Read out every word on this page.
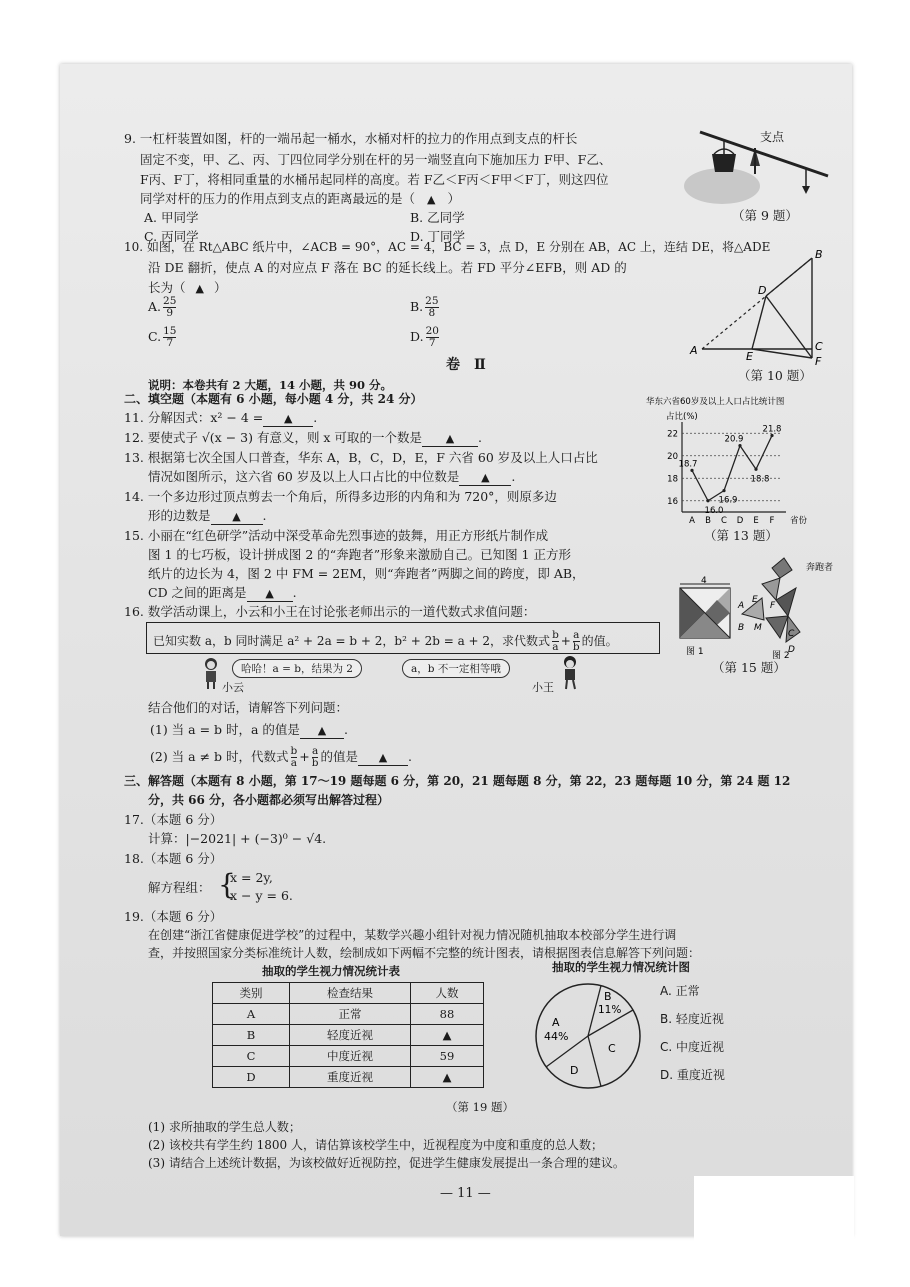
9. 一杠杆装置如图，杆的一端吊起一桶水，水桶对杆的拉力的作用点到支点的杆长
固定不变，甲、乙、丙、丁四位同学分别在杆的另一端竖直向下施加压力 F甲、F乙、
F丙、F丁，将相同重量的水桶吊起同样的高度。若 F乙＜F丙＜F甲＜F丁，则这四位
同学对杆的压力的作用点到支点的距离最远的是（ ▲ ）
A. 甲同学	B. 乙同学
C. 丙同学	D. 丁同学
支点
（第 9 题）
10. 如图，在 Rt△ABC 纸片中，∠ACB = 90°，AC = 4，BC = 3，点 D，E 分别在 AB，AC 上，连结 DE，将△ADE
沿 DE 翻折，使点 A 的对应点 F 落在 BC 的延长线上。若 FD 平分∠EFB，则 AD 的
长为（ ▲ ）
A. $\frac{25}{9}$	B. $\frac{25}{8}$
C. $\frac{15}{7}$	D. $\frac{20}{7}$
B
D
C
F
A	E
（第 10 题）
卷　Ⅱ
说明：本卷共有 2 大题，14 小题，共 90 分。
二、填空题（本题有 6 小题，每小题 4 分，共 24 分）
11. 分解因式：x² − 4 = ▲ .
12. 要使式子 √(x − 3) 有意义，则 x 可取的一个数是 ▲ .
13. 根据第七次全国人口普查，华东 A，B，C，D，E，F 六省 60 岁及以上人口占比
情况如图所示，这六省 60 岁及以上人口占比的中位数是 ▲ .
14. 一个多边形过顶点剪去一个角后，所得多边形的内角和为 720°，则原多边
形的边数是 ▲ .
15. 小丽在“红色研学”活动中深受革命先烈事迹的鼓舞，用正方形纸片制作成
图 1 的七巧板，设计拼成图 2 的“奔跑者”形象来激励自己。已知图 1 正方形
纸片的边长为 4，图 2 中 FM = 2EM，则“奔跑者”两脚之间的跨度，即 AB，
CD 之间的距离是 ▲ .
16. 数学活动课上，小云和小王在讨论张老师出示的一道代数式求值问题：
已知实数 a，b 同时满足 a² + 2a = b + 2，b² + 2b = a + 2，求代数式 $\frac{b}{a} + \frac{a}{b}$ 的值。
小云
哈哈！a = b，结果为 2	a，b 不一定相等哦
小王
结合他们的对话，请解答下列问题：
(1) 当 a = b 时，a 的值是 ▲ .
(2) 当 a ≠ b 时，代数式 $\frac{b}{a} + \frac{a}{b}$ 的值是 ▲ .
华东六省60岁及以上人口占比统计图
占比(%)
省份
16
18
20
22
A B C D E F
18.7
16.0
16.9
20.9
18.8
21.8
（第 13 题）
4
图 1
奔跑者
A
E
F
B M
C
D
图 2
（第 15 题）
三、解答题（本题有 8 小题，第 17～19 题每题 6 分，第 20，21 题每题 8 分，第 22，23 题每题 10 分，第 24 题 12
分，共 66 分，各小题都必须写出解答过程）
17.（本题 6 分）
计算：|−2021| + (−3)⁰ − √4.
18.（本题 6 分）
解方程组： {
x = 2y,
x − y = 6.
19.（本题 6 分）
在创建“浙江省健康促进学校”的过程中，某数学兴趣小组针对视力情况随机抽取本校部分学生进行调
查，并按照国家分类标准统计人数，绘制成如下两幅不完整的统计图表，请根据图表信息解答下列问题：
抽取的学生视力情况统计表
类别	检查结果	人数
A	正常	88
B	轻度近视	▲
C	中度近视	59
D	重度近视	▲
抽取的学生视力情况统计图
A
44%
B
11%
C
D
A. 正常
B. 轻度近视
C. 中度近视
D. 重度近视
（第 19 题）
(1) 求所抽取的学生总人数；
(2) 该校共有学生约 1800 人，请估算该校学生中，近视程度为中度和重度的总人数；
(3) 请结合上述统计数据，为该校做好近视防控，促进学生健康发展提出一条合理的建议。
— 11 —
